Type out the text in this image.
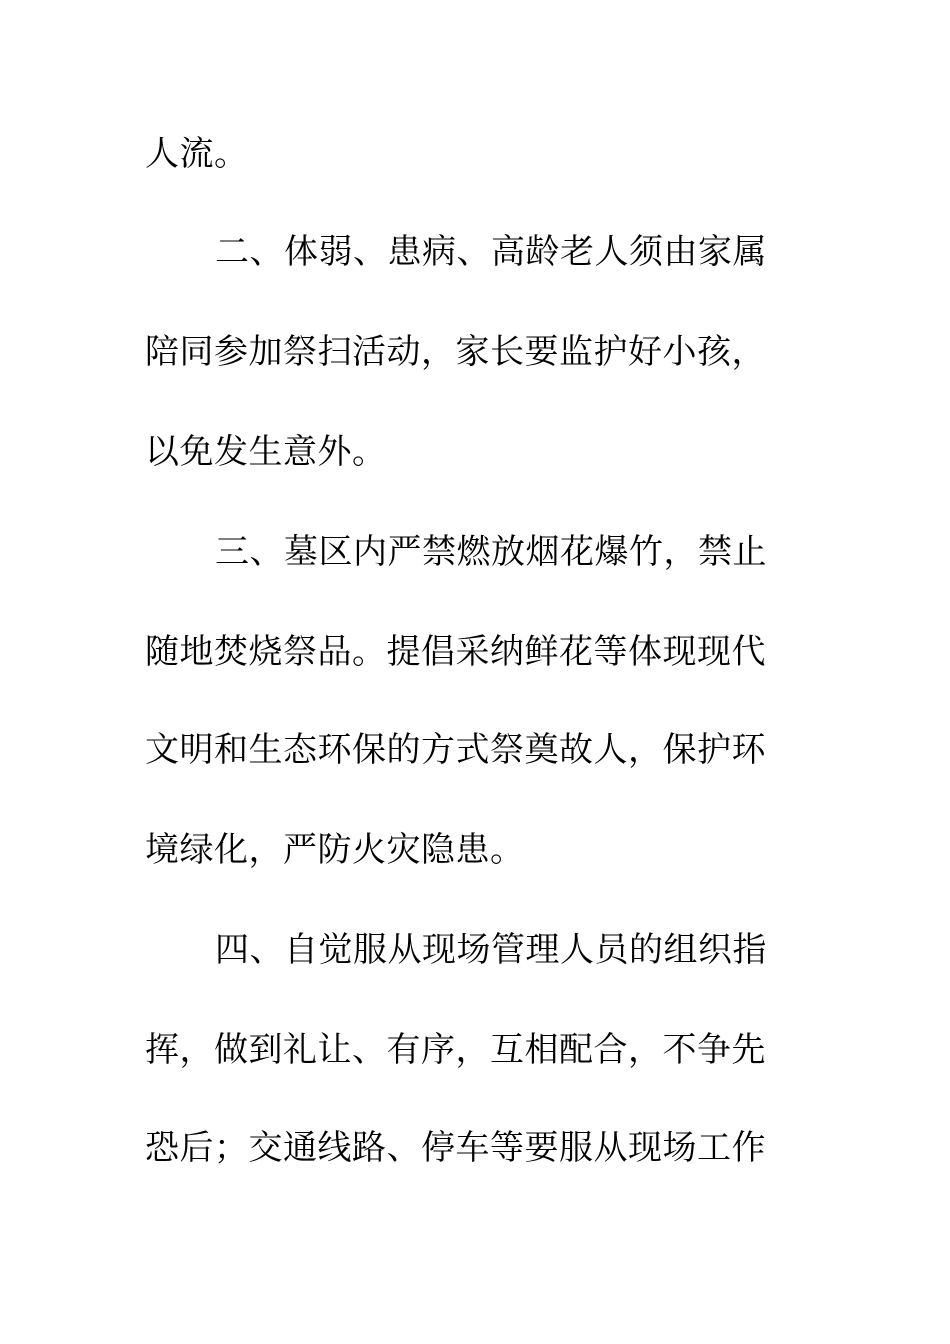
人流。
二、体弱、患病、高龄老人须由家属
陪同参加祭扫活动，家长要监护好小孩，
以免发生意外。
三、墓区内严禁燃放烟花爆竹，禁止
随地焚烧祭品。提倡采纳鲜花等体现现代
文明和生态环保的方式祭奠故人，保护环
境绿化，严防火灾隐患。
四、自觉服从现场管理人员的组织指
挥，做到礼让、有序，互相配合，不争先
恐后；交通线路、停车等要服从现场工作
